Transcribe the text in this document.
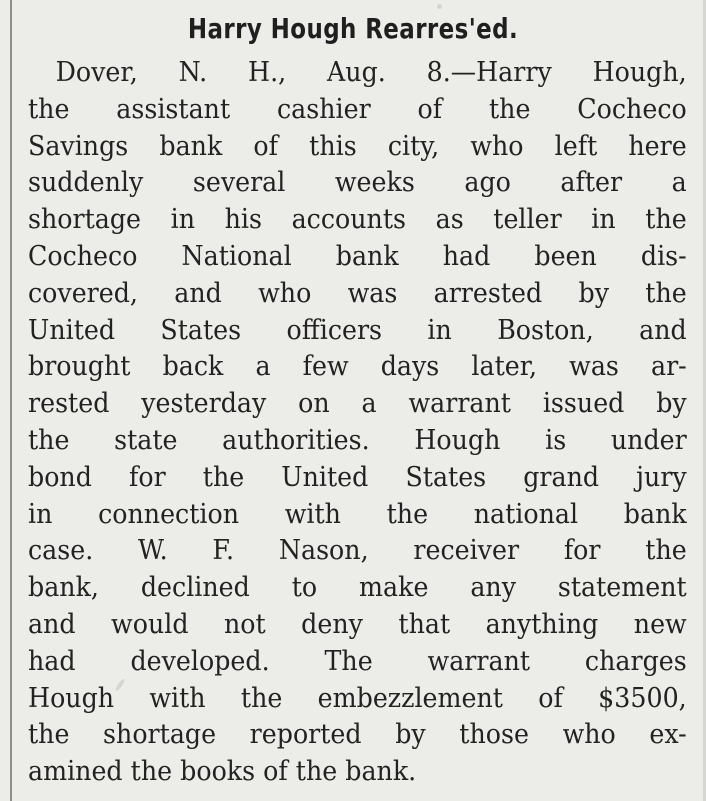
Harry Hough Rearres'ed.
Dover, N. H., Aug. 8.—Harry Hough,
the assistant cashier of the Cocheco
Savings bank of this city, who left here
suddenly several weeks ago after a
shortage in his accounts as teller in the
Cocheco National bank had been dis-
covered, and who was arrested by the
United States officers in Boston, and
brought back a few days later, was ar-
rested yesterday on a warrant issued by
the state authorities. Hough is under
bond for the United States grand jury
in connection with the national bank
case. W. F. Nason, receiver for the
bank, declined to make any statement
and would not deny that anything new
had developed. The warrant charges
Hough with the embezzlement of $3500,
the shortage reported by those who ex-
amined the books of the bank.
